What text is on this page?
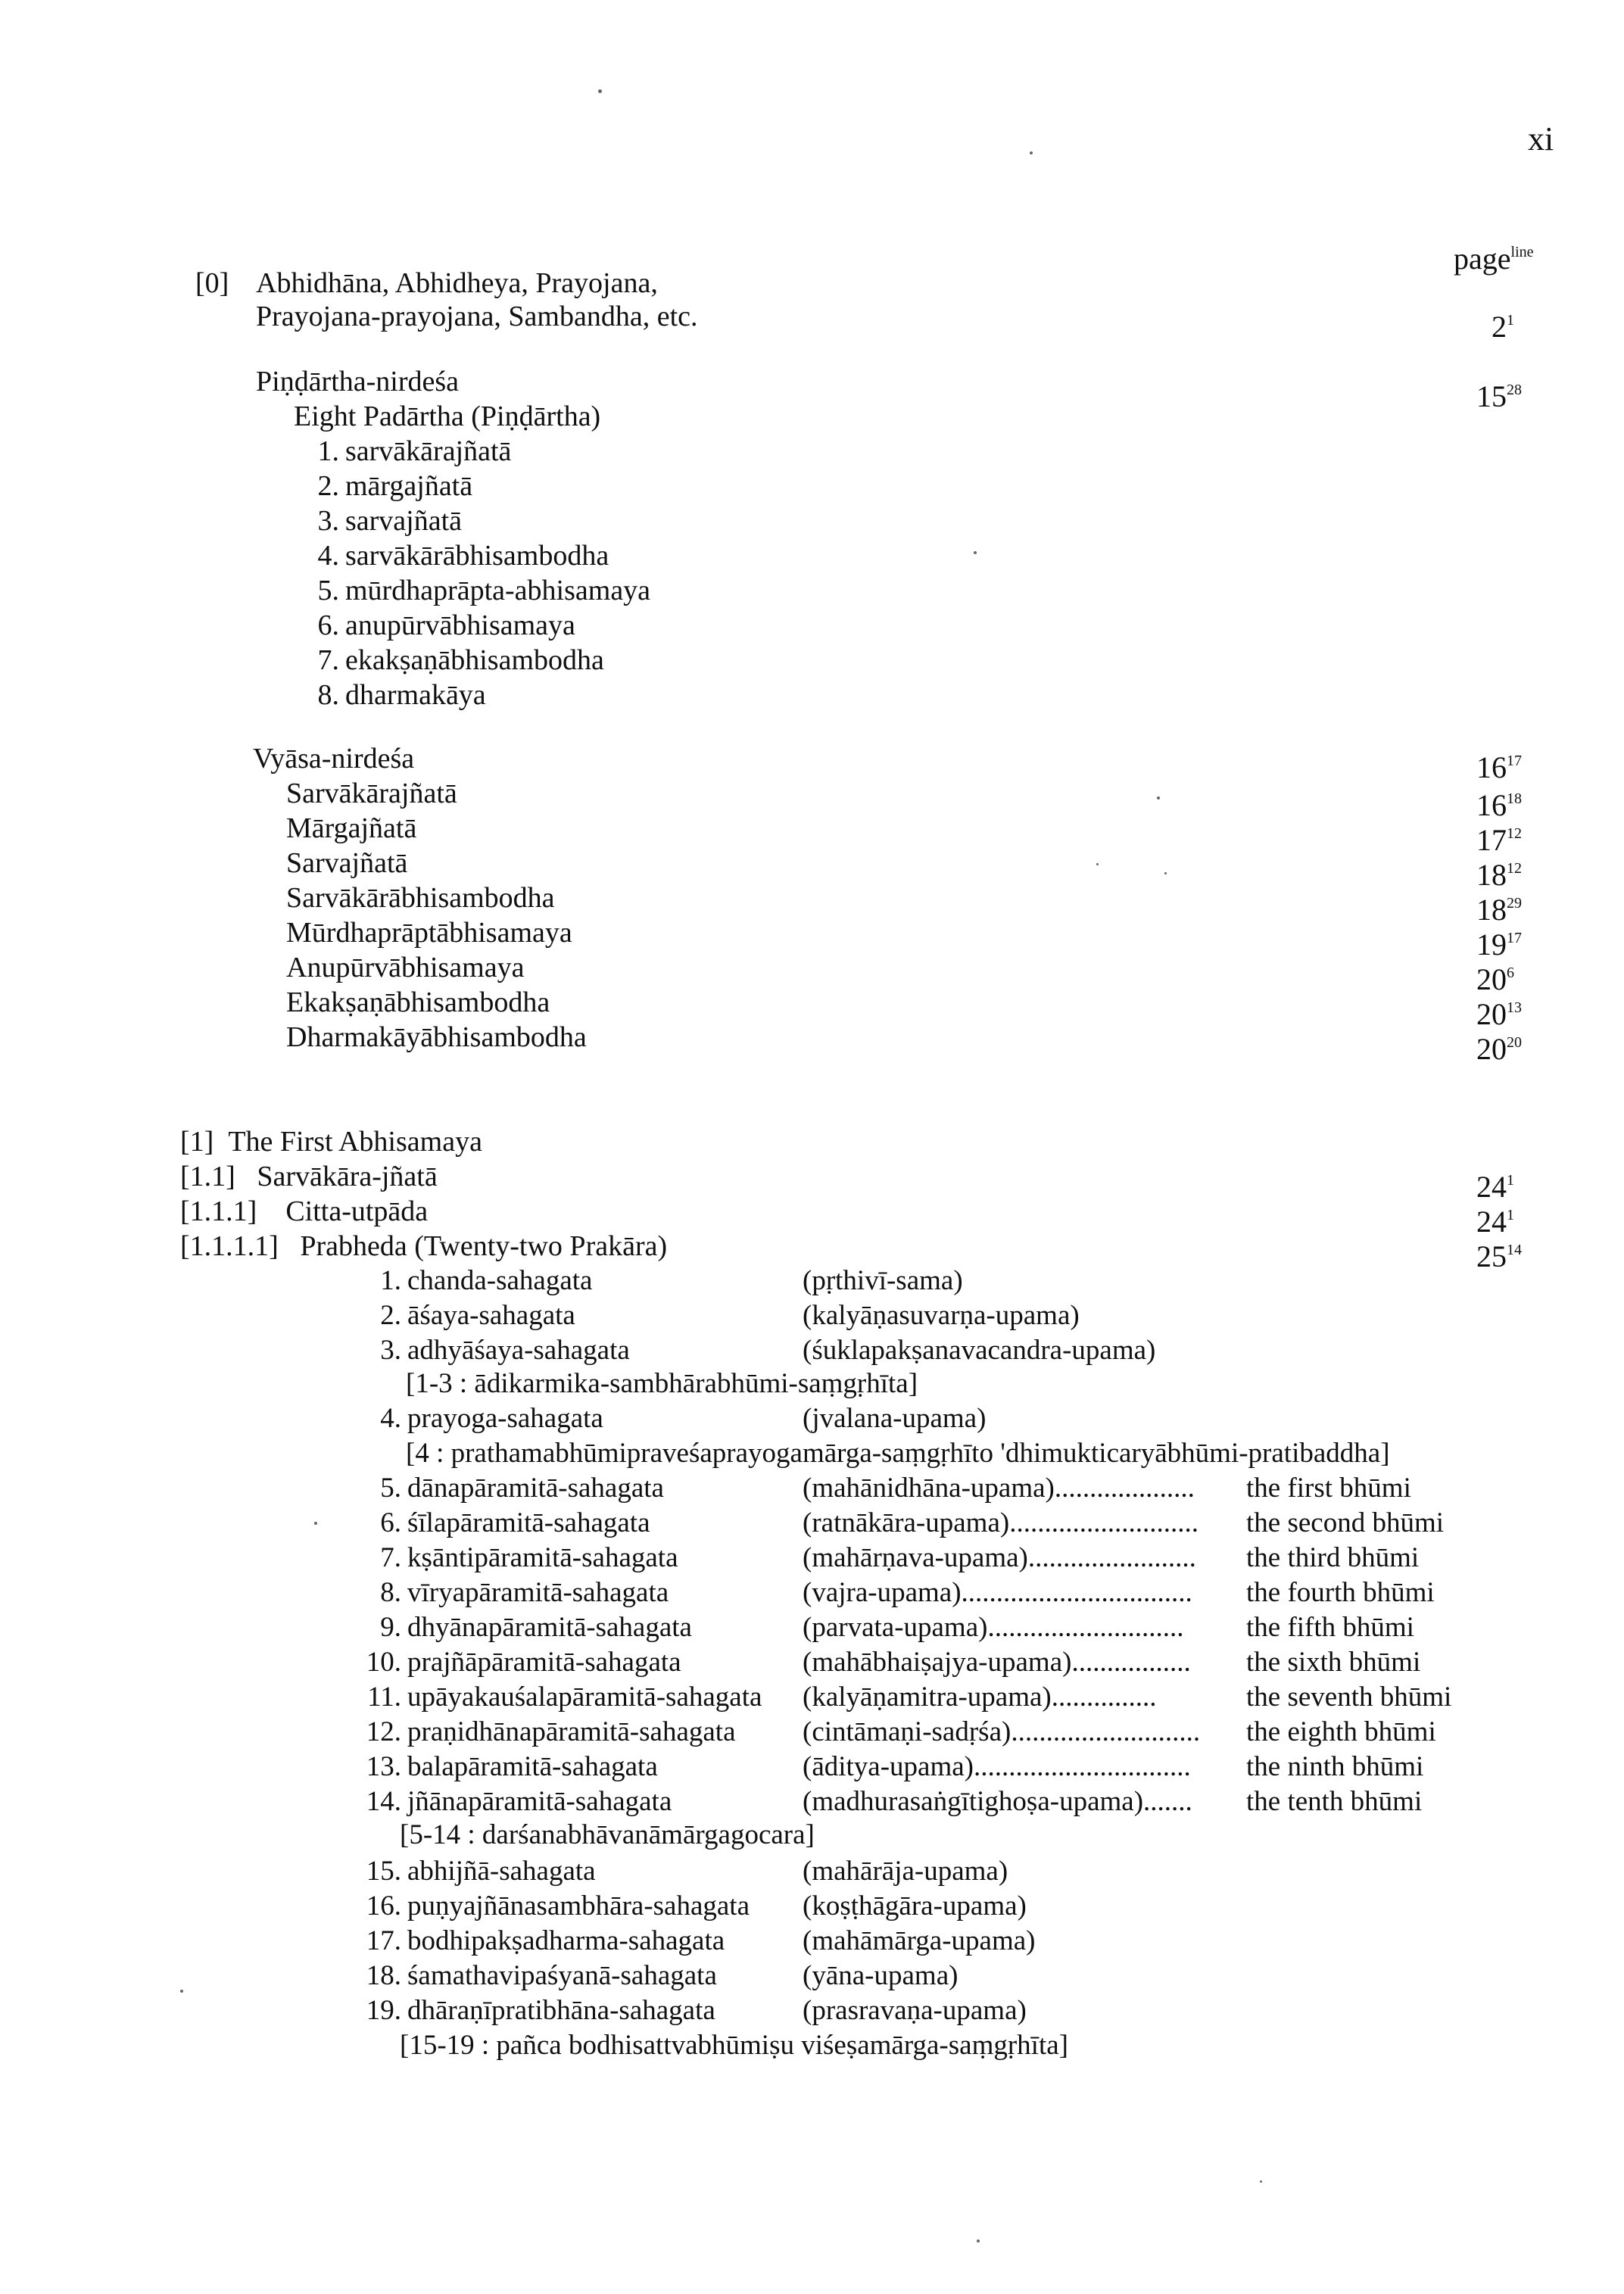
xi
page$^{line}$
[0] Abhidhāna, Abhidheya, Prayojana,
Prayojana-prayojana, Sambandha, etc.	$2^1$
Piṇḍārtha-nirdeśa	$15^{28}$
Eight Padārtha (Piṇḍārtha)
1. sarvākārajñatā
2. mārgajñatā
3. sarvajñatā
4. sarvākārābhisambodha
5. mūrdhaprāpta-abhisamaya
6. anupūrvābhisamaya
7. ekakṣaṇābhisambodha
8. dharmakāya
Vyāsa-nirdeśa	$16^{17}$
Sarvākārajñatā	$16^{18}$
Mārgajñatā	$17^{12}$
Sarvajñatā	$18^{12}$
Sarvākārābhisambodha	$18^{29}$
Mūrdhaprāptābhisamaya	$19^{17}$
Anupūrvābhisamaya	$20^6$
Ekakṣaṇābhisambodha	$20^{13}$
Dharmakāyābhisambodha	$20^{20}$
[1] The First Abhisamaya
[1.1] Sarvākāra-jñatā	$24^1$
[1.1.1] Citta-utpāda	$24^1$
[1.1.1.1] Prabheda (Twenty-two Prakāra)	$25^{14}$
1. chanda-sahagata	(pṛthivī-sama)
2. āśaya-sahagata	(kalyāṇasuvarṇa-upama)
3. adhyāśaya-sahagata	(śuklapakṣanavacandra-upama)
4. prayoga-sahagata	(jvalana-upama)
5. dānapāramitā-sahagata	(mahānidhāna-upama).................... the first bhūmi
6. śīlapāramitā-sahagata	(ratnākāra-upama)........................... the second bhūmi
7. kṣāntipāramitā-sahagata	(mahārṇava-upama)........................ the third bhūmi
8. vīryapāramitā-sahagata	(vajra-upama)................................. the fourth bhūmi
9. dhyānapāramitā-sahagata	(parvata-upama)............................ the fifth bhūmi
10. prajñāpāramitā-sahagata	(mahābhaiṣajya-upama)................. the sixth bhūmi
11. upāyakauśalapāramitā-sahagata (kalyāṇamitra-upama)...............	the seventh bhūmi
12. praṇidhānapāramitā-sahagata (cintāmaṇi-sadṛśa)........................... the eighth bhūmi
13. balapāramitā-sahagata	(āditya-upama)............................... the ninth bhūmi
14. jñānapāramitā-sahagata	(madhurasaṅgītighoṣa-upama)....... the tenth bhūmi
15. abhijñā-sahagata	(mahārāja-upama)
16. puṇyajñānasambhāra-sahagata (koṣṭhāgāra-upama)
17. bodhipakṣadharma-sahagata	(mahāmārga-upama)
18. śamathavipaśyanā-sahagata	(yāna-upama)
19. dhāraṇīpratibhāna-sahagata	(prasravaṇa-upama)
[1-3 : ādikarmika-sambhārabhūmi-saṃgṛhīta]
[4 : prathamabhūmipraveśaprayogamārga-saṃgṛhīto 'dhimukticaryābhūmi-pratibaddha]
[5-14 : darśanabhāvanāmārgagocara]
[15-19 : pañca bodhisattvabhūmiṣu viśeṣamārga-saṃgṛhīta]
